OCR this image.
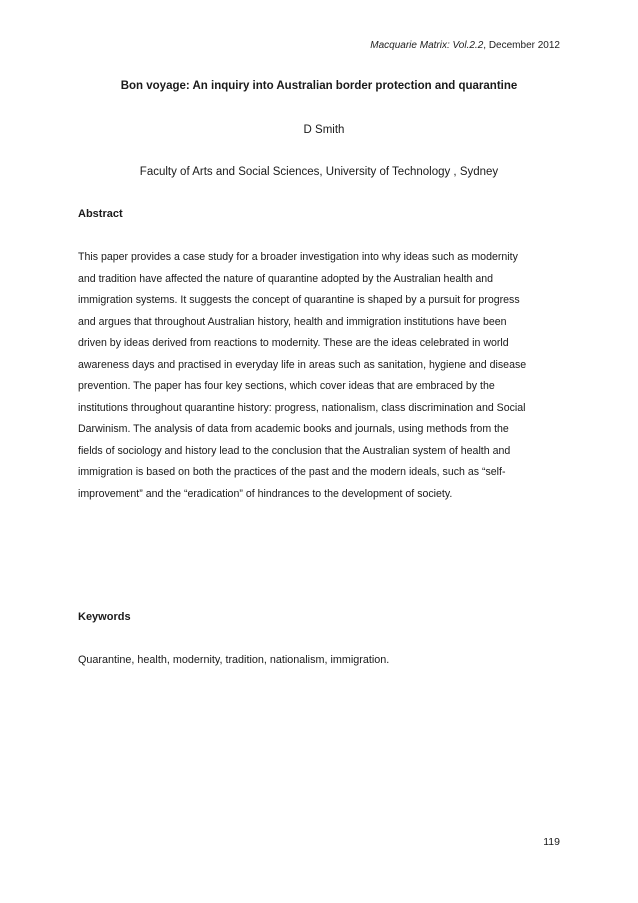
Macquarie Matrix: Vol.2.2, December 2012
Bon voyage: An inquiry into Australian border protection and quarantine
D Smith
Faculty of Arts and Social Sciences, University of Technology , Sydney
Abstract
This paper provides a case study for a broader investigation into why ideas such as modernity
and tradition have affected the nature of quarantine adopted by the Australian health and
immigration systems. It suggests the concept of quarantine is shaped by a pursuit for progress
and argues that throughout Australian history, health and immigration institutions have been
driven by ideas derived from reactions to modernity. These are the ideas celebrated in world
awareness days and practised in everyday life in areas such as sanitation, hygiene and disease
prevention. The paper has four key sections, which cover ideas that are embraced by the
institutions throughout quarantine history: progress, nationalism, class discrimination and Social
Darwinism. The analysis of data from academic books and journals, using methods from the
fields of sociology and history lead to the conclusion that the Australian system of health and
immigration is based on both the practices of the past and the modern ideals, such as “self-
improvement” and the “eradication” of hindrances to the development of society.
Keywords
Quarantine, health, modernity, tradition, nationalism, immigration.
119
